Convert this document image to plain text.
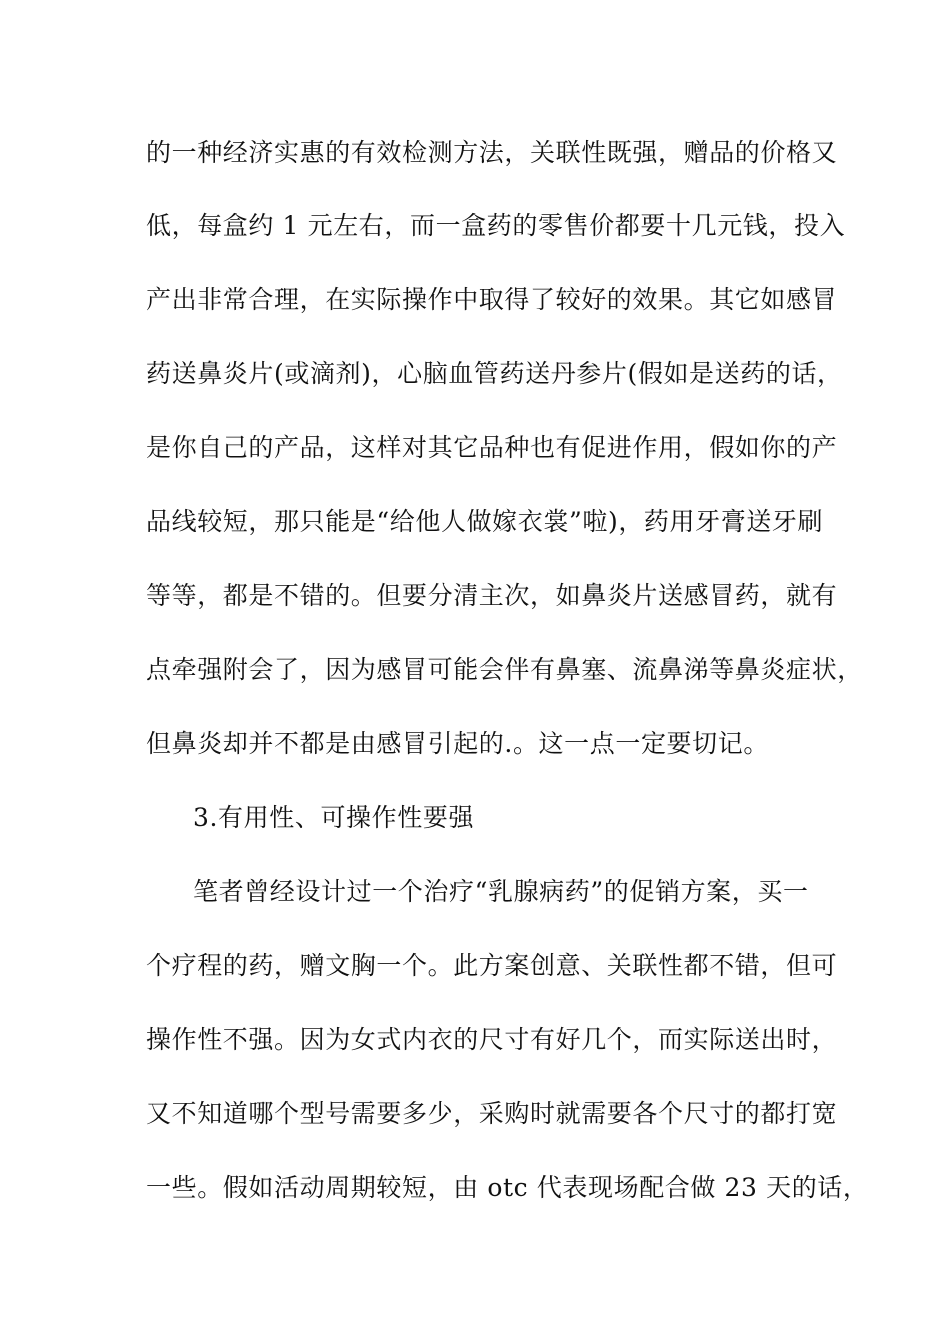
的一种经济实惠的有效检测方法，关联性既强，赠品的价格又
低，每盒约 1 元左右，而一盒药的零售价都要十几元钱，投入
产出非常合理，在实际操作中取得了较好的效果。其它如感冒
药送鼻炎片(或滴剂)，心脑血管药送丹参片(假如是送药的话，
是你自己的产品，这样对其它品种也有促进作用，假如你的产
品线较短，那只能是“给他人做嫁衣裳”啦)，药用牙膏送牙刷
等等，都是不错的。但要分清主次，如鼻炎片送感冒药，就有
点牵强附会了，因为感冒可能会伴有鼻塞、流鼻涕等鼻炎症状，
但鼻炎却并不都是由感冒引起的.。这一点一定要切记。
3.有用性、可操作性要强
笔者曾经设计过一个治疗“乳腺病药”的促销方案，买一
个疗程的药，赠文胸一个。此方案创意、关联性都不错，但可
操作性不强。因为女式内衣的尺寸有好几个，而实际送出时，
又不知道哪个型号需要多少，采购时就需要各个尺寸的都打宽
一些。假如活动周期较短，由 otc 代表现场配合做 23 天的话，
